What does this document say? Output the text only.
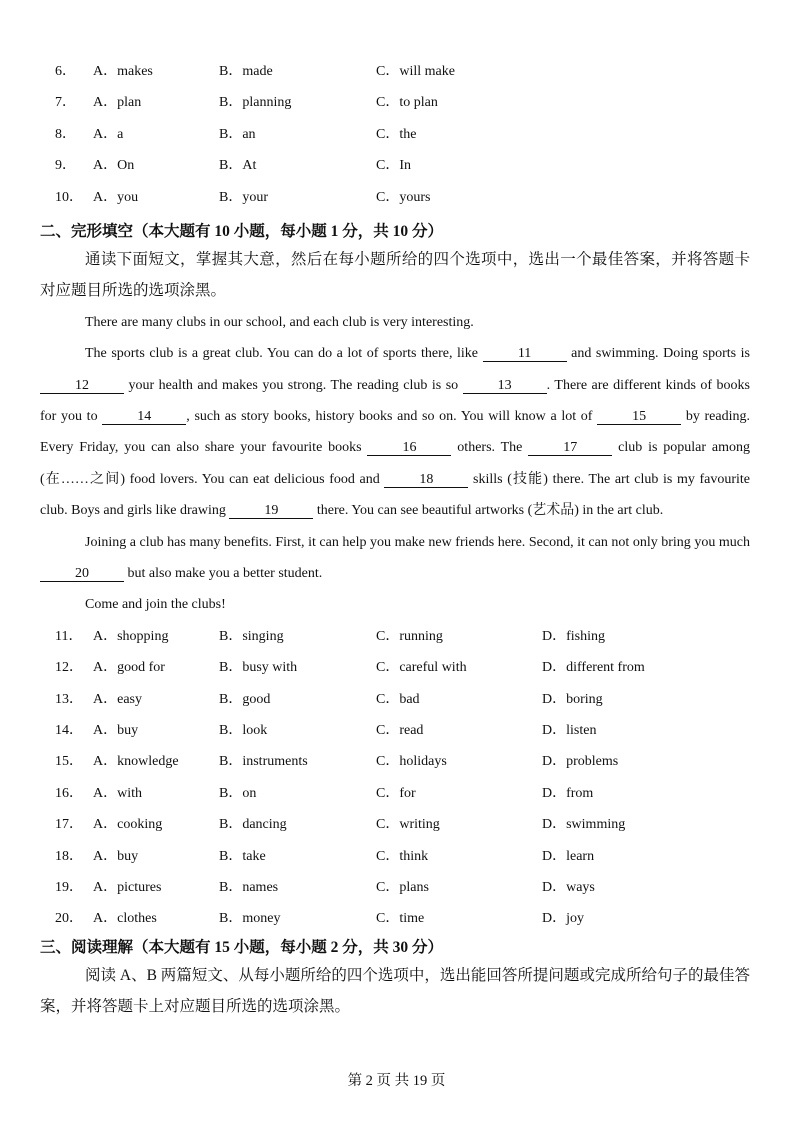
6．	A．makes	B．made	C．will make
7．	A．plan	B．planning	C．to plan
8．	A．a	B．an	C．the
9．	A．On	B．At	C．In
10． A．you	B．your	C．yours
二、完形填空（本大题有 10 小题，每小题 1 分，共 10 分）

通读下面短文，掌握其大意，然后在每小题所给的四个选项中，选出一个最佳答案，并将答题卡对应题目所选的选项涂黑。

There are many clubs in our school, and each club is very interesting.

The sports club is a great club. You can do a lot of sports there, like	11	and swimming. Doing sports is 12	your health and makes you strong. The reading club is so	13	. There are different kinds of books for you to	14	, such as story books, history books and so on. You will know a lot of	15	by reading. Every Friday, you can also share your favourite books	16	others. The	17	club is popular among (在……之间) food lovers. You can eat delicious food and	18	skills (技能) there. The art club is my favourite club. Boys and girls like drawing	19	there. You can see beautiful artworks (艺术品) in the art club.

Joining a club has many benefits. First, it can help you make new friends here. Second, it can not only bring you much 20	but also make you a better student.

Come and join the clubs!

11． A．shopping	B．singing	C．running	D．fishing
12． A．good for	B．busy with	C．careful with	D．different from
13． A．easy	B．good	C．bad	D．boring
14． A．buy	B．look	C．read	D．listen
15． A．knowledge	B．instruments	C．holidays	D．problems
16． A．with	B．on	C．for	D．from
17． A．cooking	B．dancing	C．writing	D．swimming
18． A．buy	B．take	C．think	D．learn
19． A．pictures	B．names	C．plans	D．ways
20． A．clothes	B．money	C．time	D．joy
三、阅读理解（本大题有 15 小题，每小题 2 分，共 30 分）

阅读 A、B 两篇短文、从每小题所给的四个选项中，选出能回答所提问题或完成所给句子的最佳答案，并将答题卡上对应题目所选的选项涂黑。

第 2 页 共 19 页
